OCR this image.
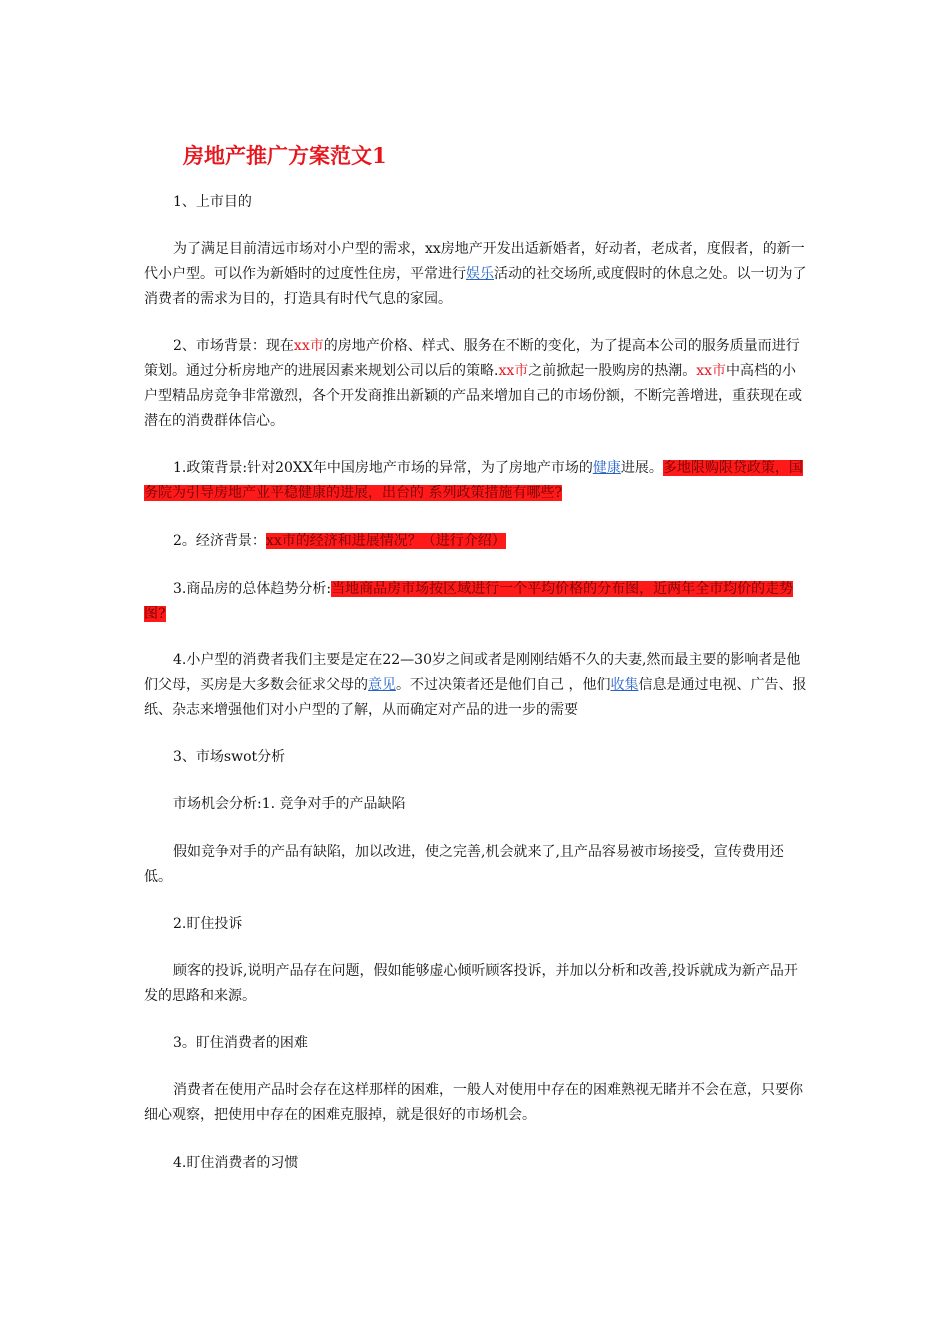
房地产推广方案范文1
1、上市目的
为了满足目前清远市场对小户型的需求，xx房地产开发出适新婚者，好动者，老成者，度假者，的新一代小户型。可以作为新婚时的过度性住房，平常进行娱乐活动的社交场所,或度假时的休息之处。以一切为了消费者的需求为目的，打造具有时代气息的家园。
2、市场背景：现在xx市的房地产价格、样式、服务在不断的变化，为了提高本公司的服务质量而进行策划。通过分析房地产的进展因素来规划公司以后的策略.xx市之前掀起一股购房的热潮。xx市中高档的小户型精品房竞争非常激烈，各个开发商推出新颖的产品来增加自己的市场份额，不断完善增进，重获现在或潜在的消费群体信心。
1.政策背景:针对20XX年中国房地产市场的异常，为了房地产市场的健康进展。多地限购限贷政策，国务院为引导房地产业平稳健康的进展，出台的 系列政策措施有哪些?
2。经济背景：xx市的经济和进展情况？（进行介绍）
3.商品房的总体趋势分析:当地商品房市场按区域进行一个平均价格的分布图，近两年全市均价的走势图?
4.小户型的消费者我们主要是定在22—30岁之间或者是刚刚结婚不久的夫妻,然而最主要的影响者是他们父母，买房是大多数会征求父母的意见。不过决策者还是他们自己 ，他们收集信息是通过电视、广告、报纸、杂志来增强他们对小户型的了解，从而确定对产品的进一步的需要
3、市场swot分析
市场机会分析:1. 竞争对手的产品缺陷
假如竞争对手的产品有缺陷，加以改进，使之完善,机会就来了,且产品容易被市场接受，宣传费用还低。
2.盯住投诉
顾客的投诉,说明产品存在问题，假如能够虚心倾听顾客投诉，并加以分析和改善,投诉就成为新产品开发的思路和来源。
3。盯住消费者的困难
消费者在使用产品时会存在这样那样的困难，一般人对使用中存在的困难熟视无睹并不会在意，只要你细心观察，把使用中存在的困难克服掉，就是很好的市场机会。
4.盯住消费者的习惯
